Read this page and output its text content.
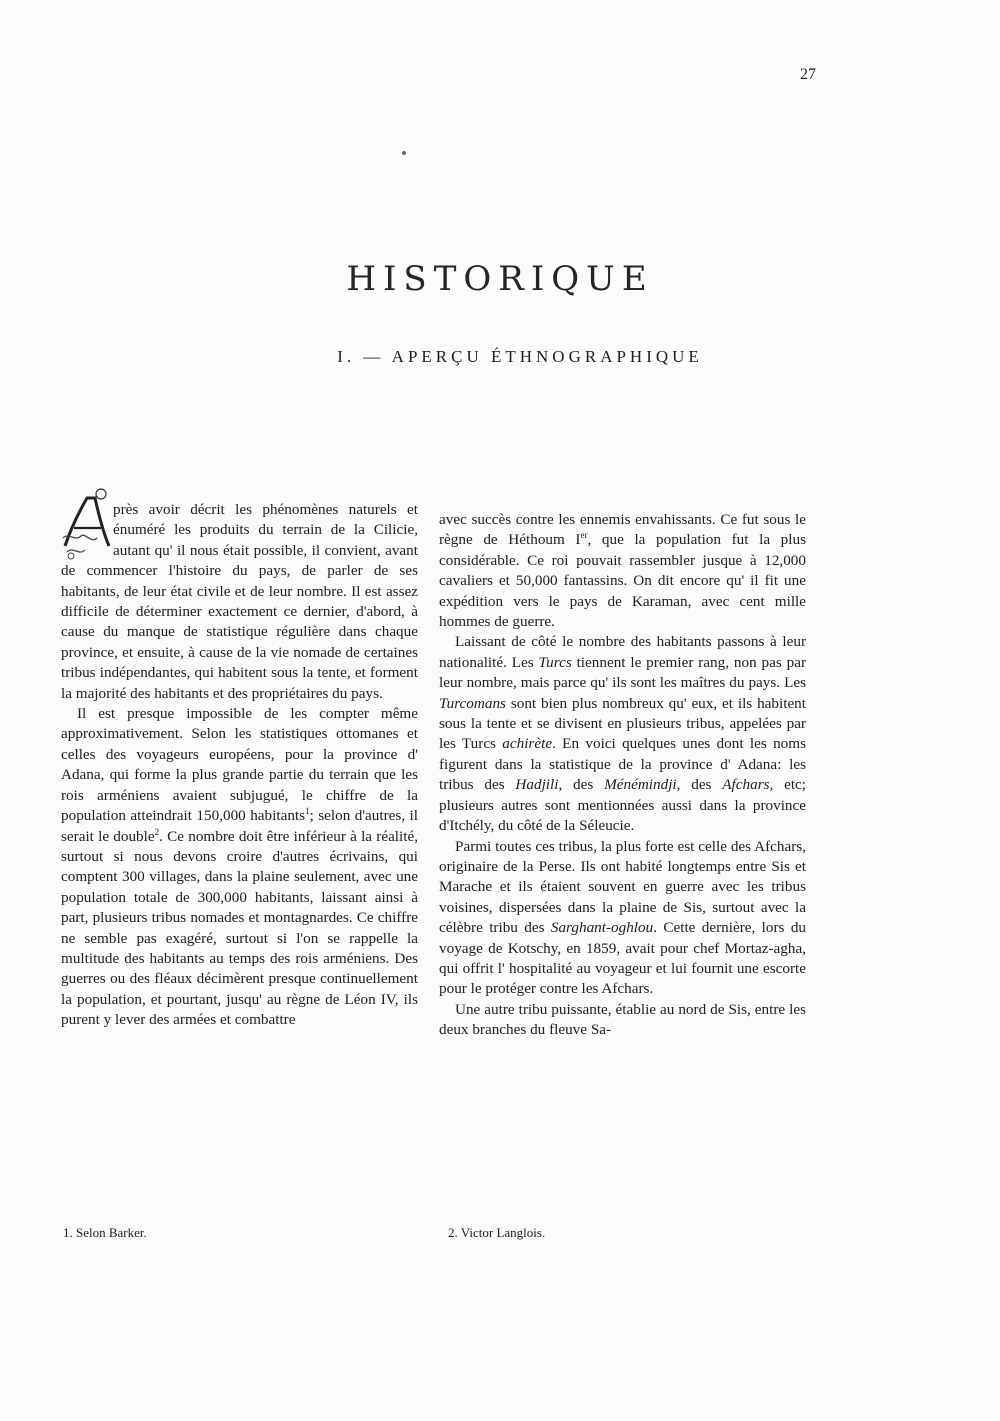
27
HISTORIQUE
I. — APERÇU ÉTHNOGRAPHIQUE

près avoir décrit les phénomènes naturels et énuméré les produits du terrain de la Cilicie, autant qu' il nous était possible, il convient, avant de commencer l'histoire du pays, de parler de ses habitants, de leur état civile et de leur nombre. Il est assez difficile de déterminer exactement ce dernier, d'abord, à cause du manque de statistique régulière dans chaque province, et ensuite, à cause de la vie nomade de certaines tribus indépendantes, qui habitent sous la tente, et forment la majorité des habitants et des propriétaires du pays.

Il est presque impossible de les compter même approximativement. Selon les statistiques ottomanes et celles des voyageurs européens, pour la province d' Adana, qui forme la plus grande partie du terrain que les rois arméniens avaient subjugué, le chiffre de la population atteindrait 150,000 habitants$^1$; selon d'autres, il serait le double$^2$. Ce nombre doit être inférieur à la réalité, surtout si nous devons croire d'autres écrivains, qui comptent 300 villages, dans la plaine seulement, avec une population totale de 300,000 habitants, laissant ainsi à part, plusieurs tribus nomades et montagnardes. Ce chiffre ne semble pas exagéré, surtout si l'on se rappelle la multitude des habitants au temps des rois arméniens. Des guerres ou des fléaux décimèrent presque continuellement la population, et pourtant, jusqu' au règne de Léon IV, ils purent y lever des armées et combattre

avec succès contre les ennemis envahissants. Ce fut sous le règne de Héthoum Ier, que la population fut la plus considérable. Ce roi pouvait rassembler jusque à 12,000 cavaliers et 50,000 fantassins. On dit encore qu' il fit une expédition vers le pays de Karaman, avec cent mille hommes de guerre.

Laissant de côté le nombre des habitants passons à leur nationalité. Les Turcs tiennent le premier rang, non pas par leur nombre, mais parce qu' ils sont les maîtres du pays. Les Turcomans sont bien plus nombreux qu' eux, et ils habitent sous la tente et se divisent en plusieurs tribus, appelées par les Turcs achirète. En voici quelques unes dont les noms figurent dans la statistique de la province d' Adana: les tribus des Hadjili, des Ménémindji, des Afchars, etc; plusieurs autres sont mentionnées aussi dans la province d'Itchély, du côté de la Séleucie.

Parmi toutes ces tribus, la plus forte est celle des Afchars, originaire de la Perse. Ils ont habité longtemps entre Sis et Marache et ils étaient souvent en guerre avec les tribus voisines, dispersées dans la plaine de Sis, surtout avec la célèbre tribu des Sarghant-oghlou. Cette dernière, lors du voyage de Kotschy, en 1859, avait pour chef Mortaz-agha, qui offrit l' hospitalité au voyageur et lui fournit une escorte pour le protéger contre les Afchars.

Une autre tribu puissante, établie au nord de Sis, entre les deux branches du fleuve Sa-

1. Selon Barker.	2. Victor Langlois.
